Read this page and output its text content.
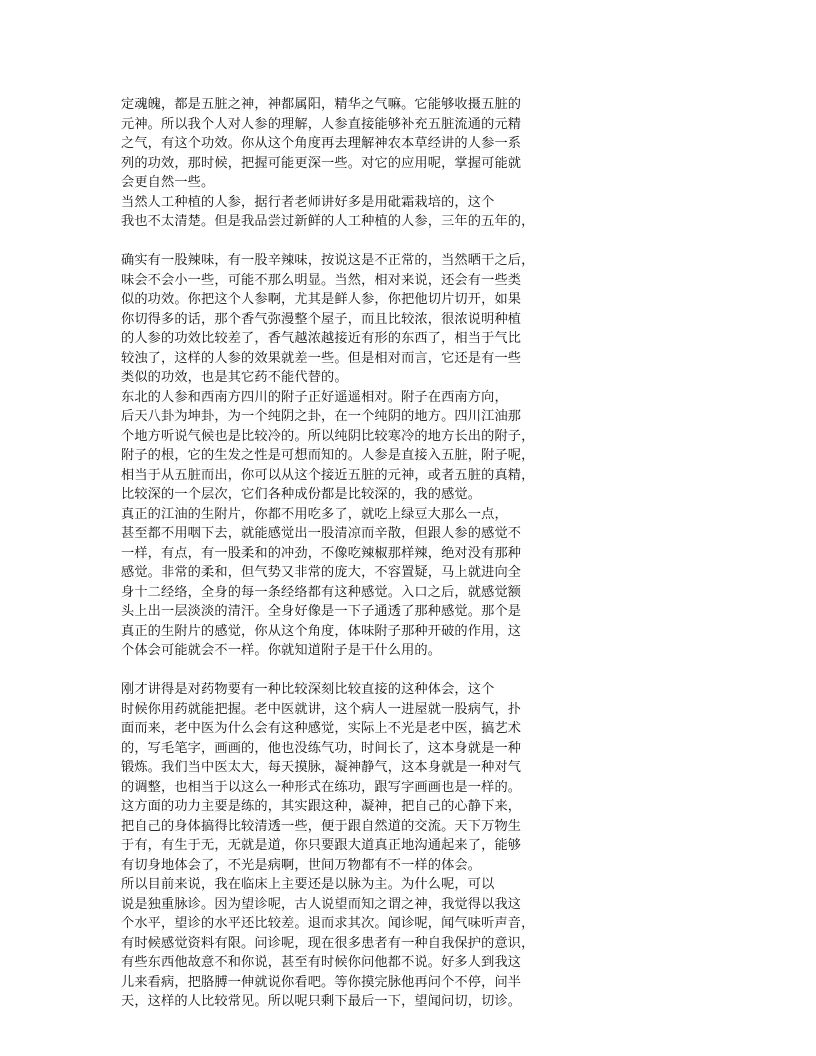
定魂魄，都是五脏之神，神都属阳，精华之气嘛。它能够收摄五脏的
元神。所以我个人对人参的理解，人参直接能够补充五脏流通的元精
之气，有这个功效。你从这个角度再去理解神农本草经讲的人参一系
列的功效，那时候，把握可能更深一些。对它的应用呢，掌握可能就
会更自然一些。
当然人工种植的人参，据行者老师讲好多是用砒霜栽培的，这个
我也不太清楚。但是我品尝过新鲜的人工种植的人参，三年的五年的，
确实有一股辣味，有一股辛辣味，按说这是不正常的，当然晒干之后，
味会不会小一些，可能不那么明显。当然，相对来说，还会有一些类
似的功效。你把这个人参啊，尤其是鲜人参，你把他切片切开，如果
你切得多的话，那个香气弥漫整个屋子，而且比较浓，很浓说明种植
的人参的功效比较差了，香气越浓越接近有形的东西了，相当于气比
较浊了，这样的人参的效果就差一些。但是相对而言，它还是有一些
类似的功效，也是其它药不能代替的。
东北的人参和西南方四川的附子正好遥遥相对。附子在西南方向，
后天八卦为坤卦，为一个纯阴之卦，在一个纯阴的地方。四川江油那
个地方听说气候也是比较冷的。所以纯阴比较寒冷的地方长出的附子，
附子的根，它的生发之性是可想而知的。人参是直接入五脏，附子呢，
相当于从五脏而出，你可以从这个接近五脏的元神，或者五脏的真精，
比较深的一个层次，它们各种成份都是比较深的，我的感觉。
真正的江油的生附片，你都不用吃多了，就吃上绿豆大那么一点，
甚至都不用咽下去，就能感觉出一股清凉而辛散，但跟人参的感觉不
一样，有点，有一股柔和的冲劲，不像吃辣椒那样辣，绝对没有那种
感觉。非常的柔和，但气势又非常的庞大，不容置疑，马上就进向全
身十二经络，全身的每一条经络都有这种感觉。入口之后，就感觉额
头上出一层淡淡的清汗。全身好像是一下子通透了那种感觉。那个是
真正的生附片的感觉，你从这个角度，体味附子那种开破的作用，这
个体会可能就会不一样。你就知道附子是干什么用的。
刚才讲得是对药物要有一种比较深刻比较直接的这种体会，这个
时候你用药就能把握。老中医就讲，这个病人一进屋就一股病气，扑
面而来，老中医为什么会有这种感觉，实际上不光是老中医，搞艺术
的，写毛笔字，画画的，他也没练气功，时间长了，这本身就是一种
锻炼。我们当中医太大，每天摸脉，凝神静气，这本身就是一种对气
的调整，也相当于以这么一种形式在练功，跟写字画画也是一样的。
这方面的功力主要是练的，其实跟这种，凝神，把自己的心静下来，
把自己的身体搞得比较清透一些，便于跟自然道的交流。天下万物生
于有，有生于无，无就是道，你只要跟大道真正地沟通起来了，能够
有切身地体会了，不光是病啊，世间万物都有不一样的体会。
所以目前来说，我在临床上主要还是以脉为主。为什么呢，可以
说是独重脉诊。因为望诊呢，古人说望而知之谓之神，我觉得以我这
个水平，望诊的水平还比较差。退而求其次。闻诊呢，闻气味听声音，
有时候感觉资料有限。问诊呢，现在很多患者有一种自我保护的意识，
有些东西他故意不和你说，甚至有时候你问他都不说。好多人到我这
儿来看病，把胳膊一伸就说你看吧。等你摸完脉他再问个不停，问半
天，这样的人比较常见。所以呢只剩下最后一下，望闻问切，切诊。
